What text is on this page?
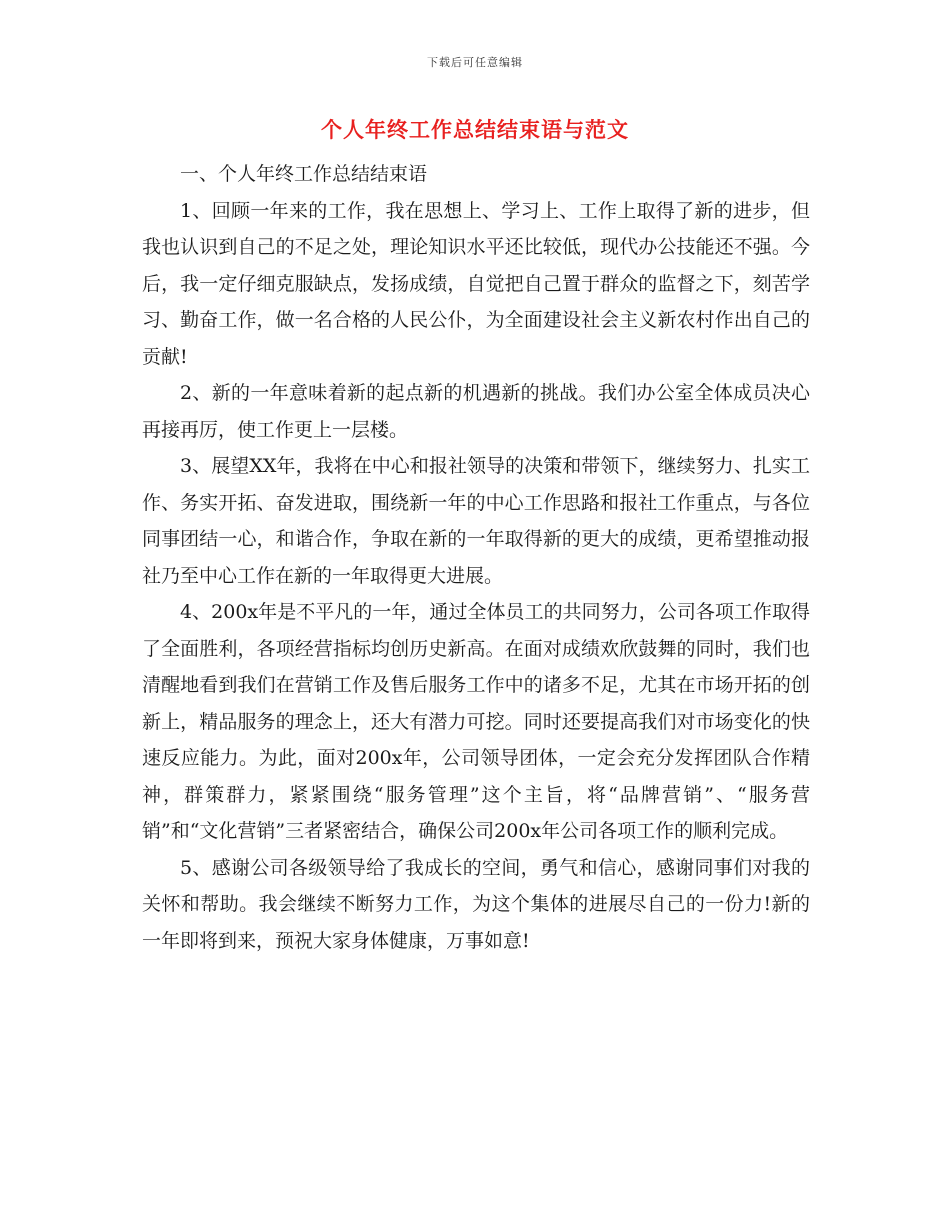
下载后可任意编辑
个人年终工作总结结束语与范文

一、个人年终工作总结结束语

1、回顾一年来的工作，我在思想上、学习上、工作上取得了新的进步，但我也认识到自己的不足之处，理论知识水平还比较低，现代办公技能还不强。今后，我一定仔细克服缺点，发扬成绩，自觉把自己置于群众的监督之下，刻苦学习、勤奋工作，做一名合格的人民公仆，为全面建设社会主义新农村作出自己的贡献!

2、新的一年意味着新的起点新的机遇新的挑战。我们办公室全体成员决心再接再厉，使工作更上一层楼。

3、展望XX年，我将在中心和报社领导的决策和带领下，继续努力、扎实工作、务实开拓、奋发进取，围绕新一年的中心工作思路和报社工作重点，与各位同事团结一心，和谐合作，争取在新的一年取得新的更大的成绩，更希望推动报社乃至中心工作在新的一年取得更大进展。

4、200x年是不平凡的一年，通过全体员工的共同努力，公司各项工作取得了全面胜利，各项经营指标均创历史新高。在面对成绩欢欣鼓舞的同时，我们也清醒地看到我们在营销工作及售后服务工作中的诸多不足，尤其在市场开拓的创新上，精品服务的理念上，还大有潜力可挖。同时还要提高我们对市场变化的快速反应能力。为此，面对200x年，公司领导团体，一定会充分发挥团队合作精神，群策群力，紧紧围绕“服务管理”这个主旨，将“品牌营销”、“服务营销”和“文化营销”三者紧密结合，确保公司200x年公司各项工作的顺利完成。

5、感谢公司各级领导给了我成长的空间，勇气和信心，感谢同事们对我的关怀和帮助。我会继续不断努力工作，为这个集体的进展尽自己的一份力!新的一年即将到来，预祝大家身体健康，万事如意!
